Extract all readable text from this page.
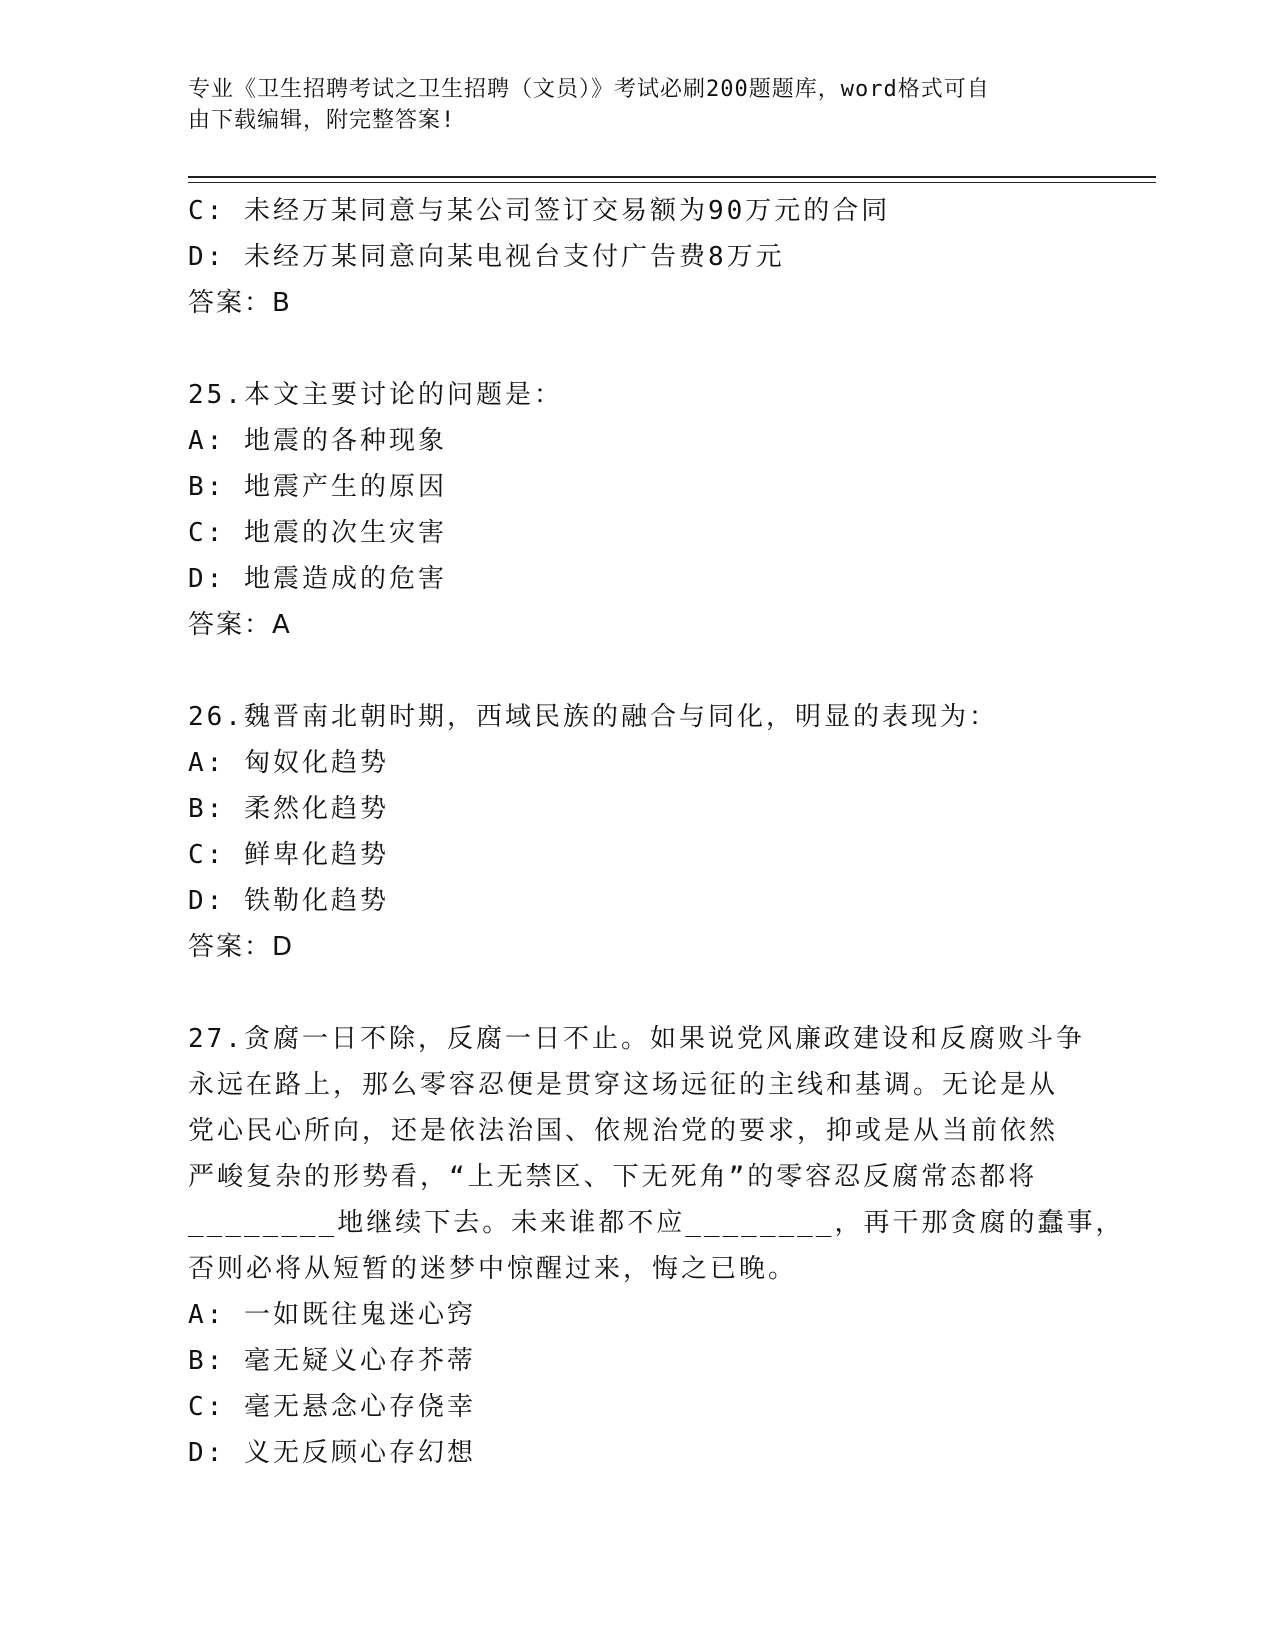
专业《卫生招聘考试之卫生招聘（文员）》考试必刷200题题库，word格式可自
由下载编辑，附完整答案!
C: 未经万某同意与某公司签订交易额为90万元的合同
D: 未经万某同意向某电视台支付广告费8万元
答案：B
25.本文主要讨论的问题是：
A: 地震的各种现象
B: 地震产生的原因
C: 地震的次生灾害
D: 地震造成的危害
答案：A
26.魏晋南北朝时期，西域民族的融合与同化，明显的表现为：
A: 匈奴化趋势
B: 柔然化趋势
C: 鲜卑化趋势
D: 铁勒化趋势
答案：D
27.贪腐一日不除，反腐一日不止。如果说党风廉政建设和反腐败斗争
永远在路上，那么零容忍便是贯穿这场远征的主线和基调。无论是从
党心民心所向，还是依法治国、依规治党的要求，抑或是从当前依然
严峻复杂的形势看，“上无禁区、下无死角”的零容忍反腐常态都将
________地继续下去。未来谁都不应________，再干那贪腐的蠢事，
否则必将从短暂的迷梦中惊醒过来，悔之已晚。
A: 一如既往鬼迷心窍
B: 毫无疑义心存芥蒂
C: 毫无悬念心存侥幸
D: 义无反顾心存幻想
